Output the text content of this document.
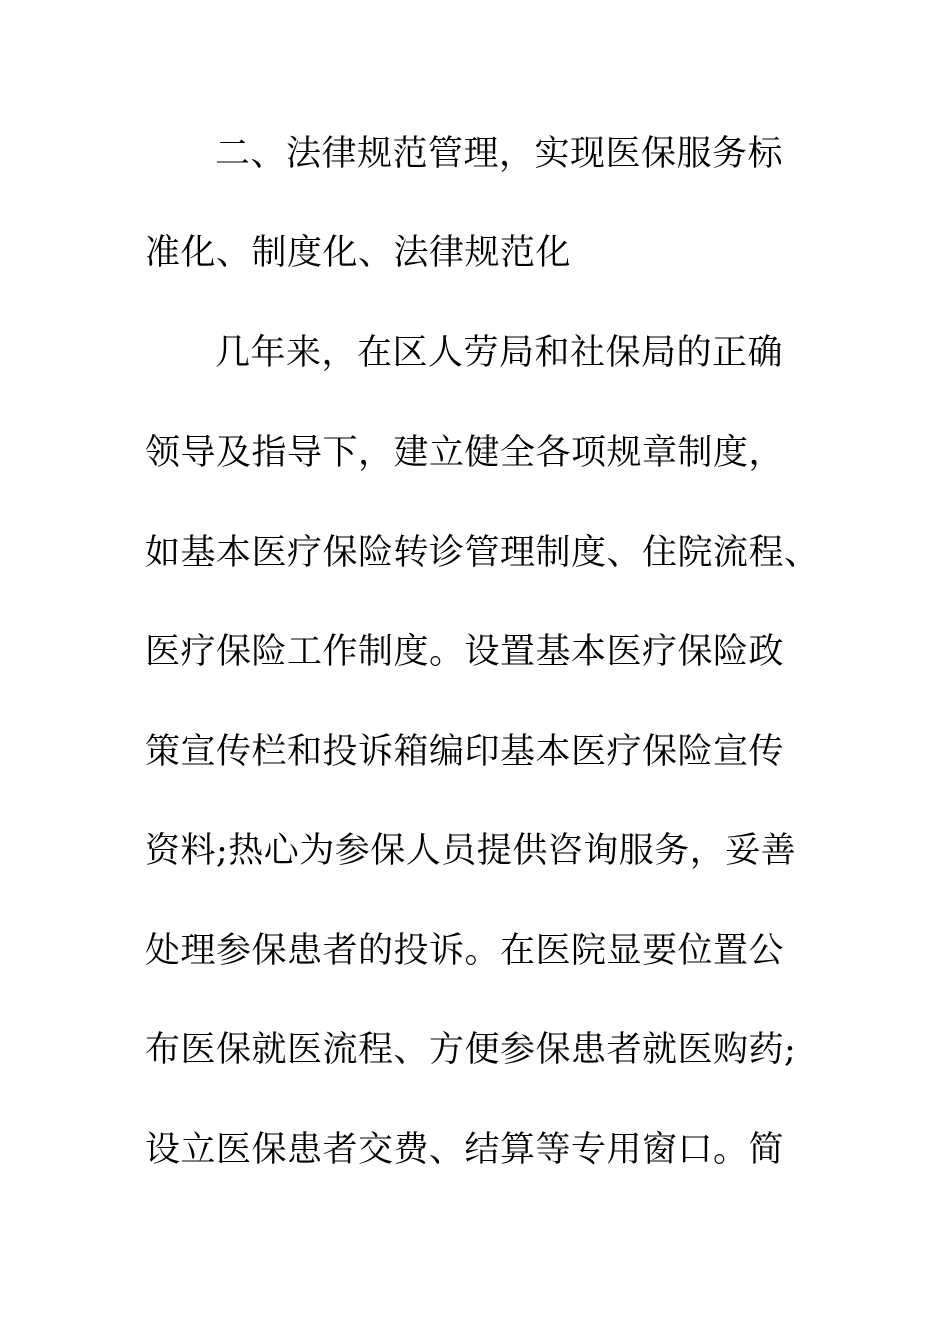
二、法律规范管理，实现医保服务标
准化、制度化、法律规范化
几年来，在区人劳局和社保局的正确
领导及指导下，建立健全各项规章制度，
如基本医疗保险转诊管理制度、住院流程、
医疗保险工作制度。设置基本医疗保险政
策宣传栏和投诉箱编印基本医疗保险宣传
资料;热心为参保人员提供咨询服务，妥善
处理参保患者的投诉。在医院显要位置公
布医保就医流程、方便参保患者就医购药;
设立医保患者交费、结算等专用窗口。简
